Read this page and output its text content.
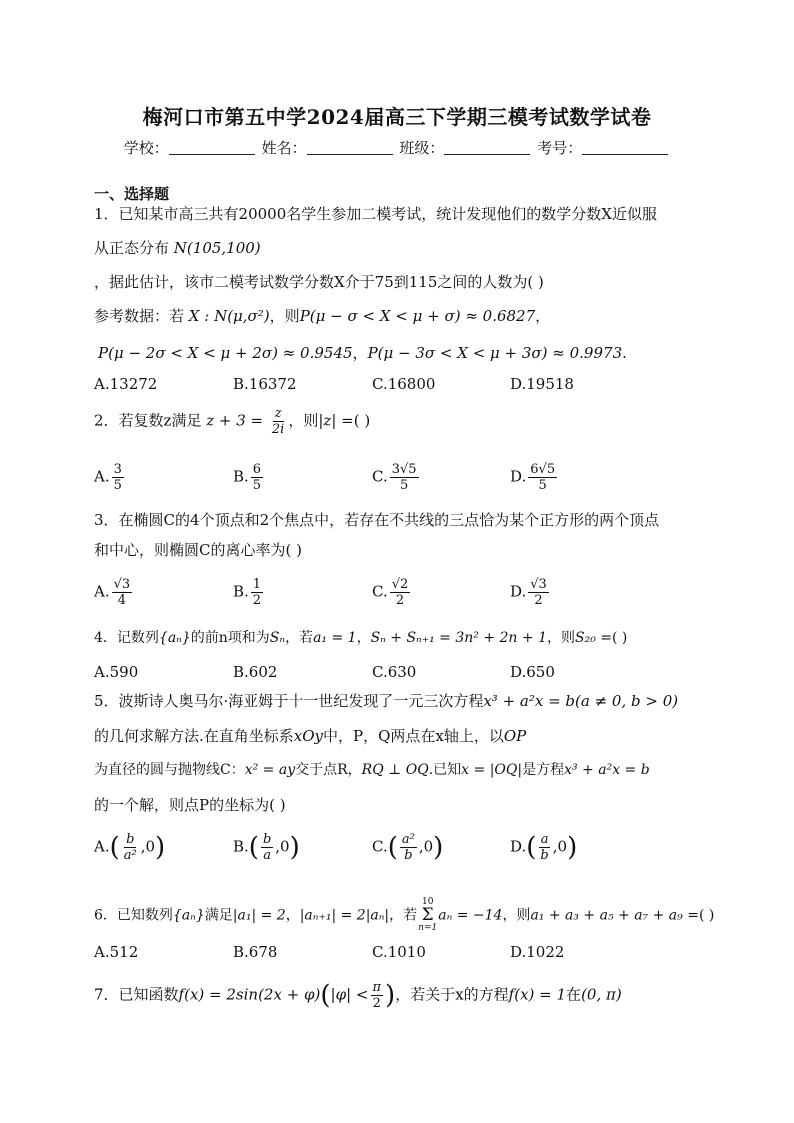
梅河口市第五中学2024届高三下学期三模考试数学试卷
学校：	姓名：	班级：	考号：
一、选择题
1．已知某市高三共有20000名学生参加二模考试，统计发现他们的数学分数X近似服
从正态分布 N(105,100)
，据此估计，该市二模考试数学分数X介于75到115之间的人数为( )
参考数据：若 X : N(μ,σ²)，则P(μ − σ < X < μ + σ) ≈ 0.6827，
P(μ − 2σ < X < μ + 2σ) ≈ 0.9545，P(μ − 3σ < X < μ + 3σ) ≈ 0.9973.
A.13272	B.16372	C.16800	D.19518
2．若复数z满足 $z + 3 = \frac{z}{2i}$ ，则|z| =( )
A. $\frac{3}{5}$	B. $\frac{6}{5}$	C. $\frac{3√5}{5}$	D. $\frac{6√5}{5}$
3．在椭圆C的4个顶点和2个焦点中，若存在不共线的三点恰为某个正方形的两个顶点
和中心，则椭圆C的离心率为( )
A. $\frac{√3}{4}$	B. $\frac{1}{2}$	C. $\frac{√2}{2}$	D. $\frac{√3}{2}$
4．记数列{aₙ}的前n项和为Sₙ，若a₁ = 1，Sₙ + Sₙ₊₁ = 3n² + 2n + 1，则S₂₀ =( )
A.590	B.602	C.630	D.650
5．波斯诗人奥马尔·海亚姆于十一世纪发现了一元三次方程x³ + a²x = b(a ≠ 0, b > 0)
的几何求解方法.在直角坐标系xOy中，P，Q两点在x轴上，以OP
为直径的圆与抛物线C：x² = ay交于点R，RQ ⊥ OQ.已知x = |OQ|是方程x³ + a²x = b
的一个解，则点P的坐标为( )
$A.( \frac{b}{\text{a²}} ,0)$	$B.( \frac{b}{a} ,0)$	$C.( \frac{\text{a²}}{b} ,0)$	$D.( \frac{a}{b} ,0)$
6．已知数列{aₙ}满足|a₁| = 2，|aₙ₊₁| = 2|aₙ|，若
10
Σ
n=1
aₙ = −14，则a₁ + a₃ + a₅ + a₇ + a₉ =( )
A.512	B.678	C.1010	D.1022
7．已知函数$f(x) = 2\sin(2x + \varphi)(|\varphi| < \frac{\pi}{2}$ )，若关于x的方程f(x) = 1在(0, π)
